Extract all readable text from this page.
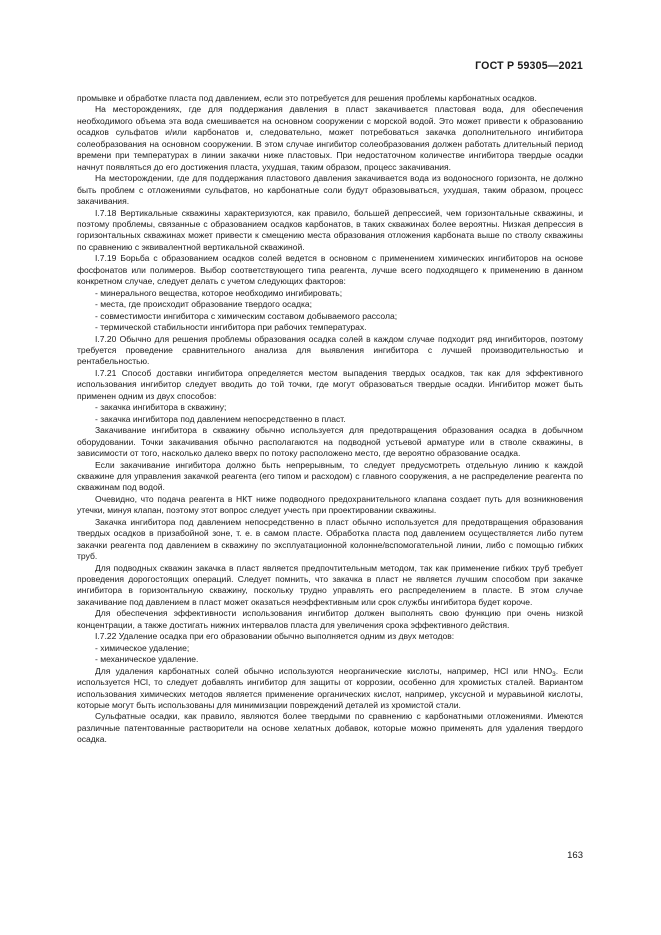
ГОСТ Р 59305—2021

промывке и обработке пласта под давлением, если это потребуется для решения проблемы карбонатных осадков.

На месторождениях, где для поддержания давления в пласт закачивается пластовая вода, для обеспечения необходимого объема эта вода смешивается на основном сооружении с морской водой. Это может привести к образованию осадков сульфатов и/или карбонатов и, следовательно, может потребоваться закачка дополнительного ингибитора солеобразования на основном сооружении. В этом случае ингибитор солеобразования должен работать длительный период времени при температурах в линии закачки ниже пластовых. При недостаточном количестве ингибитора твердые осадки начнут появляться до его достижения пласта, ухудшая, таким образом, процесс закачивания.

На месторождении, где для поддержания пластового давления закачивается вода из водоносного горизонта, не должно быть проблем с отложениями сульфатов, но карбонатные соли будут образовываться, ухудшая, таким образом, процесс закачивания.

I.7.18 Вертикальные скважины характеризуются, как правило, большей депрессией, чем горизонтальные скважины, и поэтому проблемы, связанные с образованием осадков карбонатов, в таких скважинах более вероятны. Низкая депрессия в горизонтальных скважинах может привести к смещению места образования отложения карбоната выше по стволу скважины по сравнению с эквивалентной вертикальной скважиной.

I.7.19 Борьба с образованием осадков солей ведется в основном с применением химических ингибиторов на основе фосфонатов или полимеров. Выбор соответствующего типа реагента, лучше всего подходящего к применению в данном конкретном случае, следует делать с учетом следующих факторов:

- минерального вещества, которое необходимо ингибировать;

- места, где происходит образование твердого осадка;

- совместимости ингибитора с химическим составом добываемого рассола;

- термической стабильности ингибитора при рабочих температурах.

I.7.20 Обычно для решения проблемы образования осадка солей в каждом случае подходит ряд ингибиторов, поэтому требуется проведение сравнительного анализа для выявления ингибитора с лучшей производительностью и рентабельностью.

I.7.21 Способ доставки ингибитора определяется местом выпадения твердых осадков, так как для эффективного использования ингибитор следует вводить до той точки, где могут образоваться твердые осадки. Ингибитор может быть применен одним из двух способов:

- закачка ингибитора в скважину;

- закачка ингибитора под давлением непосредственно в пласт.

Закачивание ингибитора в скважину обычно используется для предотвращения образования осадка в добычном оборудовании. Точки закачивания обычно располагаются на подводной устьевой арматуре или в стволе скважины, в зависимости от того, насколько далеко вверх по потоку расположено место, где вероятно образование осадка.

Если закачивание ингибитора должно быть непрерывным, то следует предусмотреть отдельную линию к каждой скважине для управления закачкой реагента (его типом и расходом) с главного сооружения, а не распределение реагента по скважинам под водой.

Очевидно, что подача реагента в НКТ ниже подводного предохранительного клапана создает путь для возникновения утечки, минуя клапан, поэтому этот вопрос следует учесть при проектировании скважины.

Закачка ингибитора под давлением непосредственно в пласт обычно используется для предотвращения образования твердых осадков в призабойной зоне, т. е. в самом пласте. Обработка пласта под давлением осуществляется либо путем закачки реагента под давлением в скважину по эксплуатационной колонне/вспомогательной линии, либо с помощью гибких труб.

Для подводных скважин закачка в пласт является предпочтительным методом, так как применение гибких труб требует проведения дорогостоящих операций. Следует помнить, что закачка в пласт не является лучшим способом при закачке ингибитора в горизонтальную скважину, поскольку трудно управлять его распределением в пласте. В этом случае закачивание под давлением в пласт может оказаться неэффективным или срок службы ингибитора будет короче.

Для обеспечения эффективности использования ингибитор должен выполнять свою функцию при очень низкой концентрации, а также достигать нижних интервалов пласта для увеличения срока эффективного действия.

I.7.22 Удаление осадка при его образовании обычно выполняется одним из двух методов:

- химическое удаление;

- механическое удаление.

Для удаления карбонатных солей обычно используются неорганические кислоты, например, HCl или $HNO_3$. Если используется HCl, то следует добавлять ингибитор для защиты от коррозии, особенно для хромистых сталей. Вариантом использования химических методов является применение органических кислот, например, уксусной и муравьиной кислоты, которые могут быть использованы для минимизации повреждений деталей из хромистой стали.

Сульфатные осадки, как правило, являются более твердыми по сравнению с карбонатными отложениями. Имеются различные патентованные растворители на основе хелатных добавок, которые можно применять для удаления твердого осадка.

163
